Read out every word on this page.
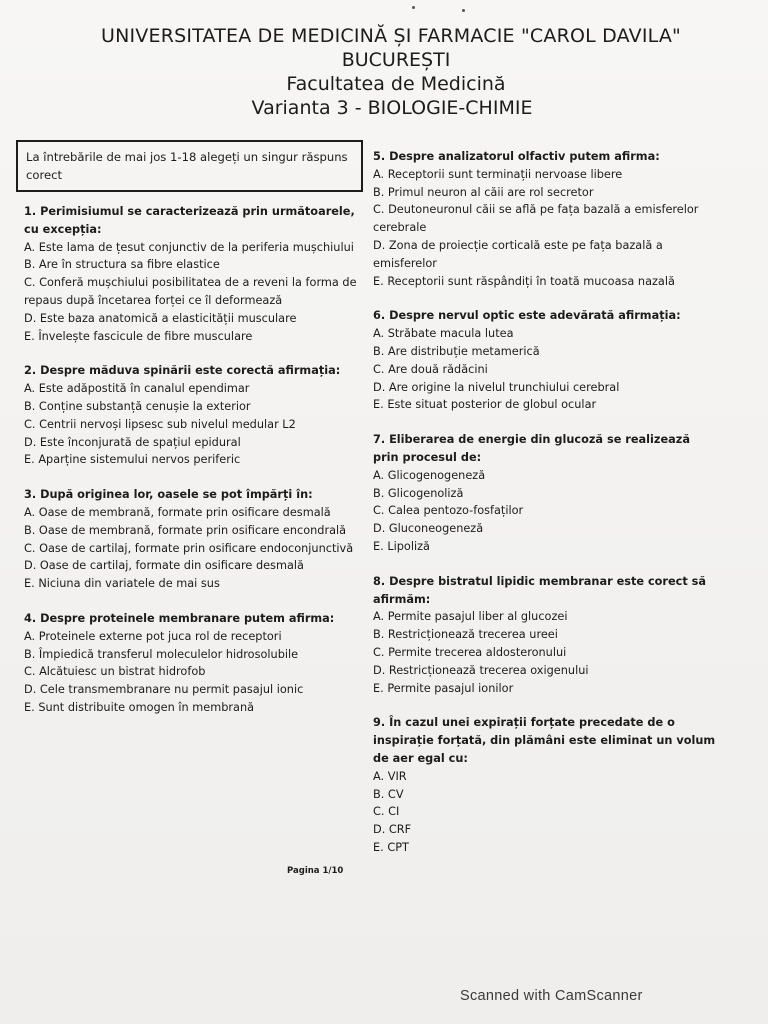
UNIVERSITATEA DE MEDICINĂ ȘI FARMACIE "CAROL DAVILA"
BUCUREȘTI
Facultatea de Medicină
Varianta 3 - BIOLOGIE-CHIMIE
La întrebările de mai jos 1-18 alegeți un singur răspuns corect
1. Perimisiumul se caracterizează prin următoarele, cu excepția:
A. Este lama de țesut conjunctiv de la periferia mușchiului
B. Are în structura sa fibre elastice
C. Conferă mușchiului posibilitatea de a reveni la forma de repaus după încetarea forței ce îl deformează
D. Este baza anatomică a elasticității musculare
E. Învelește fascicule de fibre musculare
2. Despre măduva spinării este corectă afirmația:
A. Este adăpostită în canalul ependimar
B. Conține substanță cenușie la exterior
C. Centrii nervoși lipsesc sub nivelul medular L2
D. Este înconjurată de spațiul epidural
E. Aparține sistemului nervos periferic
3. După originea lor, oasele se pot împărți în:
A. Oase de membrană, formate prin osificare desmală
B. Oase de membrană, formate prin osificare encondrală
C. Oase de cartilaj, formate prin osificare endoconjunctivă
D. Oase de cartilaj, formate din osificare desmală
E. Niciuna din variatele de mai sus
4. Despre proteinele membranare putem afirma:
A. Proteinele externe pot juca rol de receptori
B. Împiedică transferul moleculelor hidrosolubile
C. Alcătuiesc un bistrat hidrofob
D. Cele transmembranare nu permit pasajul ionic
E. Sunt distribuite omogen în membrană
5. Despre analizatorul olfactiv putem afirma:
A. Receptorii sunt terminații nervoase libere
B. Primul neuron al căii are rol secretor
C. Deutoneuronul căii se află pe fața bazală a emisferelor cerebrale
D. Zona de proiecție corticală este pe fața bazală a emisferelor
E. Receptorii sunt răspândiți în toată mucoasa nazală
6. Despre nervul optic este adevărată afirmația:
A. Străbate macula lutea
B. Are distribuție metamerică
C. Are două rădăcini
D. Are origine la nivelul trunchiului cerebral
E. Este situat posterior de globul ocular
7. Eliberarea de energie din glucoză se realizează prin procesul de:
A. Glicogenogeneză
B. Glicogenoliză
C. Calea pentozo-fosfaților
D. Gluconeogeneză
E. Lipoliză
8. Despre bistratul lipidic membranar este corect să afirmăm:
A. Permite pasajul liber al glucozei
B. Restricționează trecerea ureei
C. Permite trecerea aldosteronului
D. Restricționează trecerea oxigenului
E. Permite pasajul ionilor
9. În cazul unei expirații forțate precedate de o inspirație forțată, din plămâni este eliminat un volum de aer egal cu:
A. VIR
B. CV
C. CI
D. CRF
E. CPT
Pagina 1/10
Scanned with CamScanner
